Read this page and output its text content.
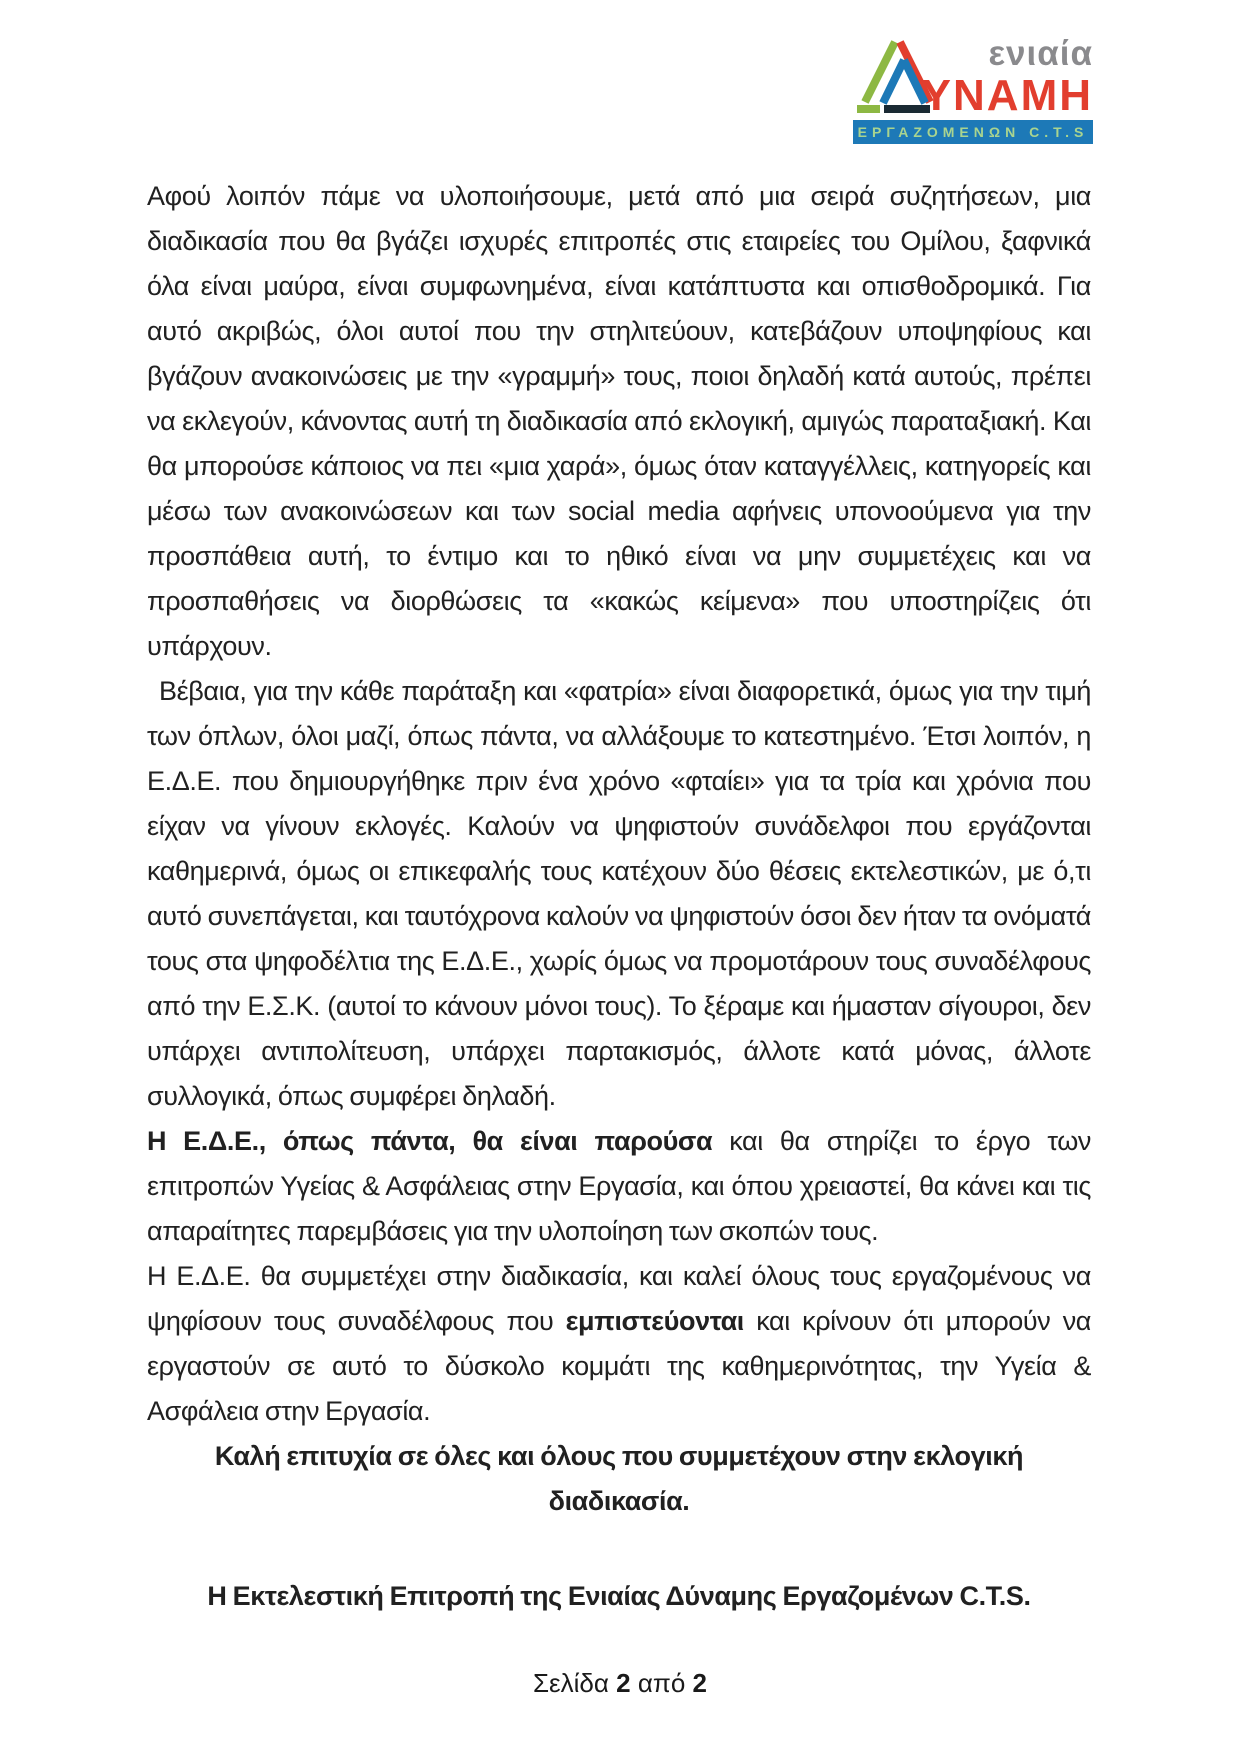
ενιαία
ΥΝΑΜΗ
ΕΡΓΑΖΟΜΕΝΩΝ C.T.S

Αφού λοιπόν πάμε να υλοποιήσουμε, μετά από μια σειρά συζητήσεων, μια διαδικασία που θα βγάζει ισχυρές επιτροπές στις εταιρείες του Ομίλου, ξαφνικά όλα είναι μαύρα, είναι συμφωνημένα, είναι κατάπτυστα και οπισθοδρομικά. Για αυτό ακριβώς, όλοι αυτοί που την στηλιτεύουν, κατεβάζουν υποψηφίους και βγάζουν ανακοινώσεις με την «γραμμή» τους, ποιοι δηλαδή κατά αυτούς, πρέπει να εκλεγούν, κάνοντας αυτή τη διαδικασία από εκλογική, αμιγώς παραταξιακή. Και θα μπορούσε κάποιος να πει «μια χαρά», όμως όταν καταγγέλλεις, κατηγορείς και μέσω των ανακοινώσεων και των social media αφήνεις υπονοούμενα για την προσπάθεια αυτή, το έντιμο και το ηθικό είναι να μην συμμετέχεις και να προσπαθήσεις να διορθώσεις τα «κακώς κείμενα» που υποστηρίζεις ότι υπάρχουν.

Βέβαια, για την κάθε παράταξη και «φατρία» είναι διαφορετικά, όμως για την τιμή των όπλων, όλοι μαζί, όπως πάντα, να αλλάξουμε το κατεστημένο. Έτσι λοιπόν, η Ε.Δ.Ε. που δημιουργήθηκε πριν ένα χρόνο «φταίει» για τα τρία και χρόνια που είχαν να γίνουν εκλογές. Καλούν να ψηφιστούν συνάδελφοι που εργάζονται καθημερινά, όμως οι επικεφαλής τους κατέχουν δύο θέσεις εκτελεστικών, με ό,τι αυτό συνεπάγεται, και ταυτόχρονα καλούν να ψηφιστούν όσοι δεν ήταν τα ονόματά τους στα ψηφοδέλτια της Ε.Δ.Ε., χωρίς όμως να προμοτάρουν τους συναδέλφους από την Ε.Σ.Κ. (αυτοί το κάνουν μόνοι τους). Το ξέραμε και ήμασταν σίγουροι, δεν υπάρχει αντιπολίτευση, υπάρχει παρτακισμός, άλλοτε κατά μόνας, άλλοτε συλλογικά, όπως συμφέρει δηλαδή.

Η Ε.Δ.Ε., όπως πάντα, θα είναι παρούσα και θα στηρίζει το έργο των επιτροπών Υγείας & Ασφάλειας στην Εργασία, και όπου χρειαστεί, θα κάνει και τις απαραίτητες παρεμβάσεις για την υλοποίηση των σκοπών τους.

Η Ε.Δ.Ε. θα συμμετέχει στην διαδικασία, και καλεί όλους τους εργαζομένους να ψηφίσουν τους συναδέλφους που εμπιστεύονται και κρίνουν ότι μπορούν να εργαστούν σε αυτό το δύσκολο κομμάτι της καθημερινότητας, την Υγεία & Ασφάλεια στην Εργασία.

Καλή επιτυχία σε όλες και όλους που συμμετέχουν στην εκλογική διαδικασία.

Η Εκτελεστική Επιτροπή της Ενιαίας Δύναμης Εργαζομένων C.T.S.

Σελίδα 2 από 2
